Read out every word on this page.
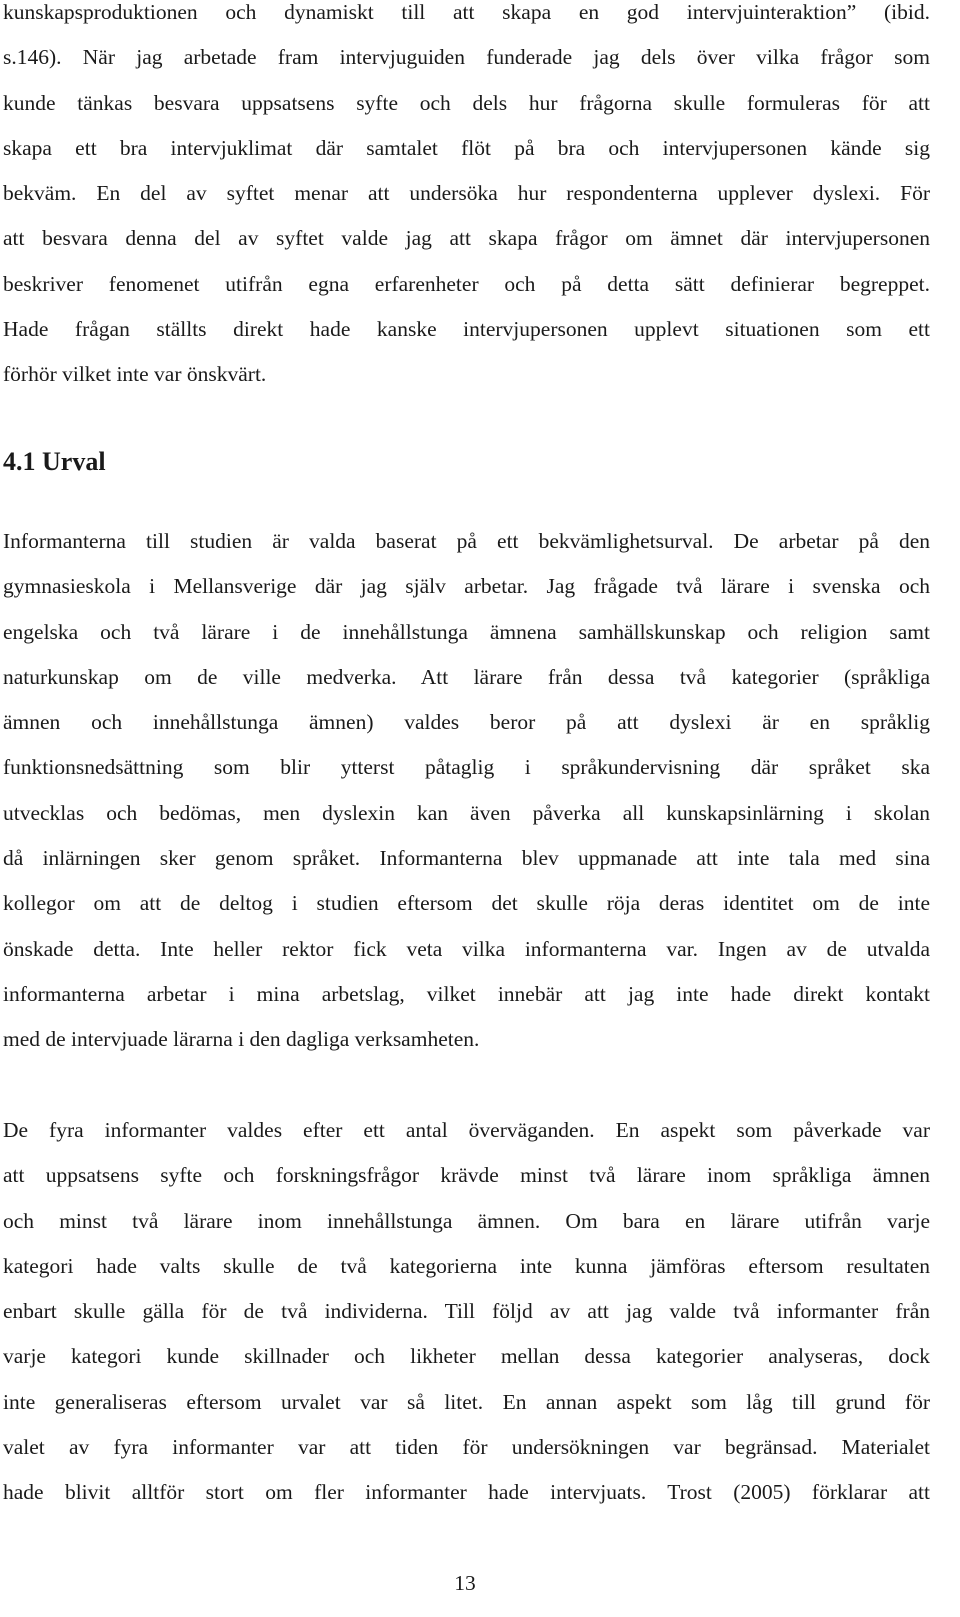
kunskapsproduktionen och dynamiskt till att skapa en god intervjuinteraktion” (ibid.
s.146). När jag arbetade fram intervjuguiden funderade jag dels över vilka frågor som
kunde tänkas besvara uppsatsens syfte och dels hur frågorna skulle formuleras för att
skapa ett bra intervjuklimat där samtalet flöt på bra och intervjupersonen kände sig
bekväm. En del av syftet menar att undersöka hur respondenterna upplever dyslexi. För
att besvara denna del av syftet valde jag att skapa frågor om ämnet där intervjupersonen
beskriver fenomenet utifrån egna erfarenheter och på detta sätt definierar begreppet.
Hade frågan ställts direkt hade kanske intervjupersonen upplevt situationen som ett
förhör vilket inte var önskvärt.
4.1 Urval
Informanterna till studien är valda baserat på ett bekvämlighetsurval. De arbetar på den
gymnasieskola i Mellansverige där jag själv arbetar. Jag frågade två lärare i svenska och
engelska och två lärare i de innehållstunga ämnena samhällskunskap och religion samt
naturkunskap om de ville medverka. Att lärare från dessa två kategorier (språkliga
ämnen och innehållstunga ämnen) valdes beror på att dyslexi är en språklig
funktionsnedsättning som blir ytterst påtaglig i språkundervisning där språket ska
utvecklas och bedömas, men dyslexin kan även påverka all kunskapsinlärning i skolan
då inlärningen sker genom språket. Informanterna blev uppmanade att inte tala med sina
kollegor om att de deltog i studien eftersom det skulle röja deras identitet om de inte
önskade detta. Inte heller rektor fick veta vilka informanterna var. Ingen av de utvalda
informanterna arbetar i mina arbetslag, vilket innebär att jag inte hade direkt kontakt
med de intervjuade lärarna i den dagliga verksamheten.
De fyra informanter valdes efter ett antal överväganden. En aspekt som påverkade var
att uppsatsens syfte och forskningsfrågor krävde minst två lärare inom språkliga ämnen
och minst två lärare inom innehållstunga ämnen. Om bara en lärare utifrån varje
kategori hade valts skulle de två kategorierna inte kunna jämföras eftersom resultaten
enbart skulle gälla för de två individerna. Till följd av att jag valde två informanter från
varje kategori kunde skillnader och likheter mellan dessa kategorier analyseras, dock
inte generaliseras eftersom urvalet var så litet. En annan aspekt som låg till grund för
valet av fyra informanter var att tiden för undersökningen var begränsad. Materialet
hade blivit alltför stort om fler informanter hade intervjuats. Trost (2005) förklarar att
13
